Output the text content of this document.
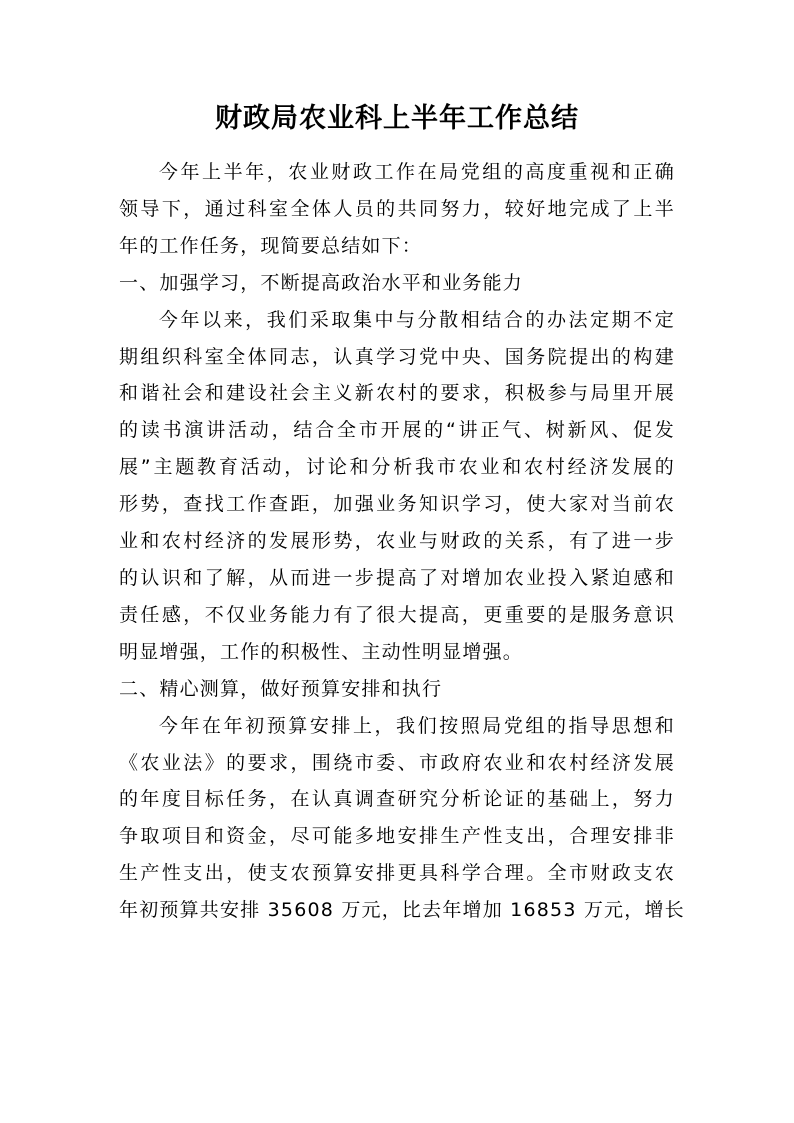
财政局农业科上半年工作总结
今年上半年，农业财政工作在局党组的高度重视和正确
领导下，通过科室全体人员的共同努力，较好地完成了上半
年的工作任务，现简要总结如下：
一、加强学习，不断提高政治水平和业务能力
今年以来，我们采取集中与分散相结合的办法定期不定
期组织科室全体同志，认真学习党中央、国务院提出的构建
和谐社会和建设社会主义新农村的要求，积极参与局里开展
的读书演讲活动，结合全市开展的“讲正气、树新风、促发
展”主题教育活动，讨论和分析我市农业和农村经济发展的
形势，查找工作查距，加强业务知识学习，使大家对当前农
业和农村经济的发展形势，农业与财政的关系，有了进一步
的认识和了解，从而进一步提高了对增加农业投入紧迫感和
责任感，不仅业务能力有了很大提高，更重要的是服务意识
明显增强，工作的积极性、主动性明显增强。
二、精心测算，做好预算安排和执行
今年在年初预算安排上，我们按照局党组的指导思想和
《农业法》的要求，围绕市委、市政府农业和农村经济发展
的年度目标任务，在认真调查研究分析论证的基础上，努力
争取项目和资金，尽可能多地安排生产性支出，合理安排非
生产性支出，使支农预算安排更具科学合理。全市财政支农
年初预算共安排 35608 万元，比去年增加 16853 万元，增长
